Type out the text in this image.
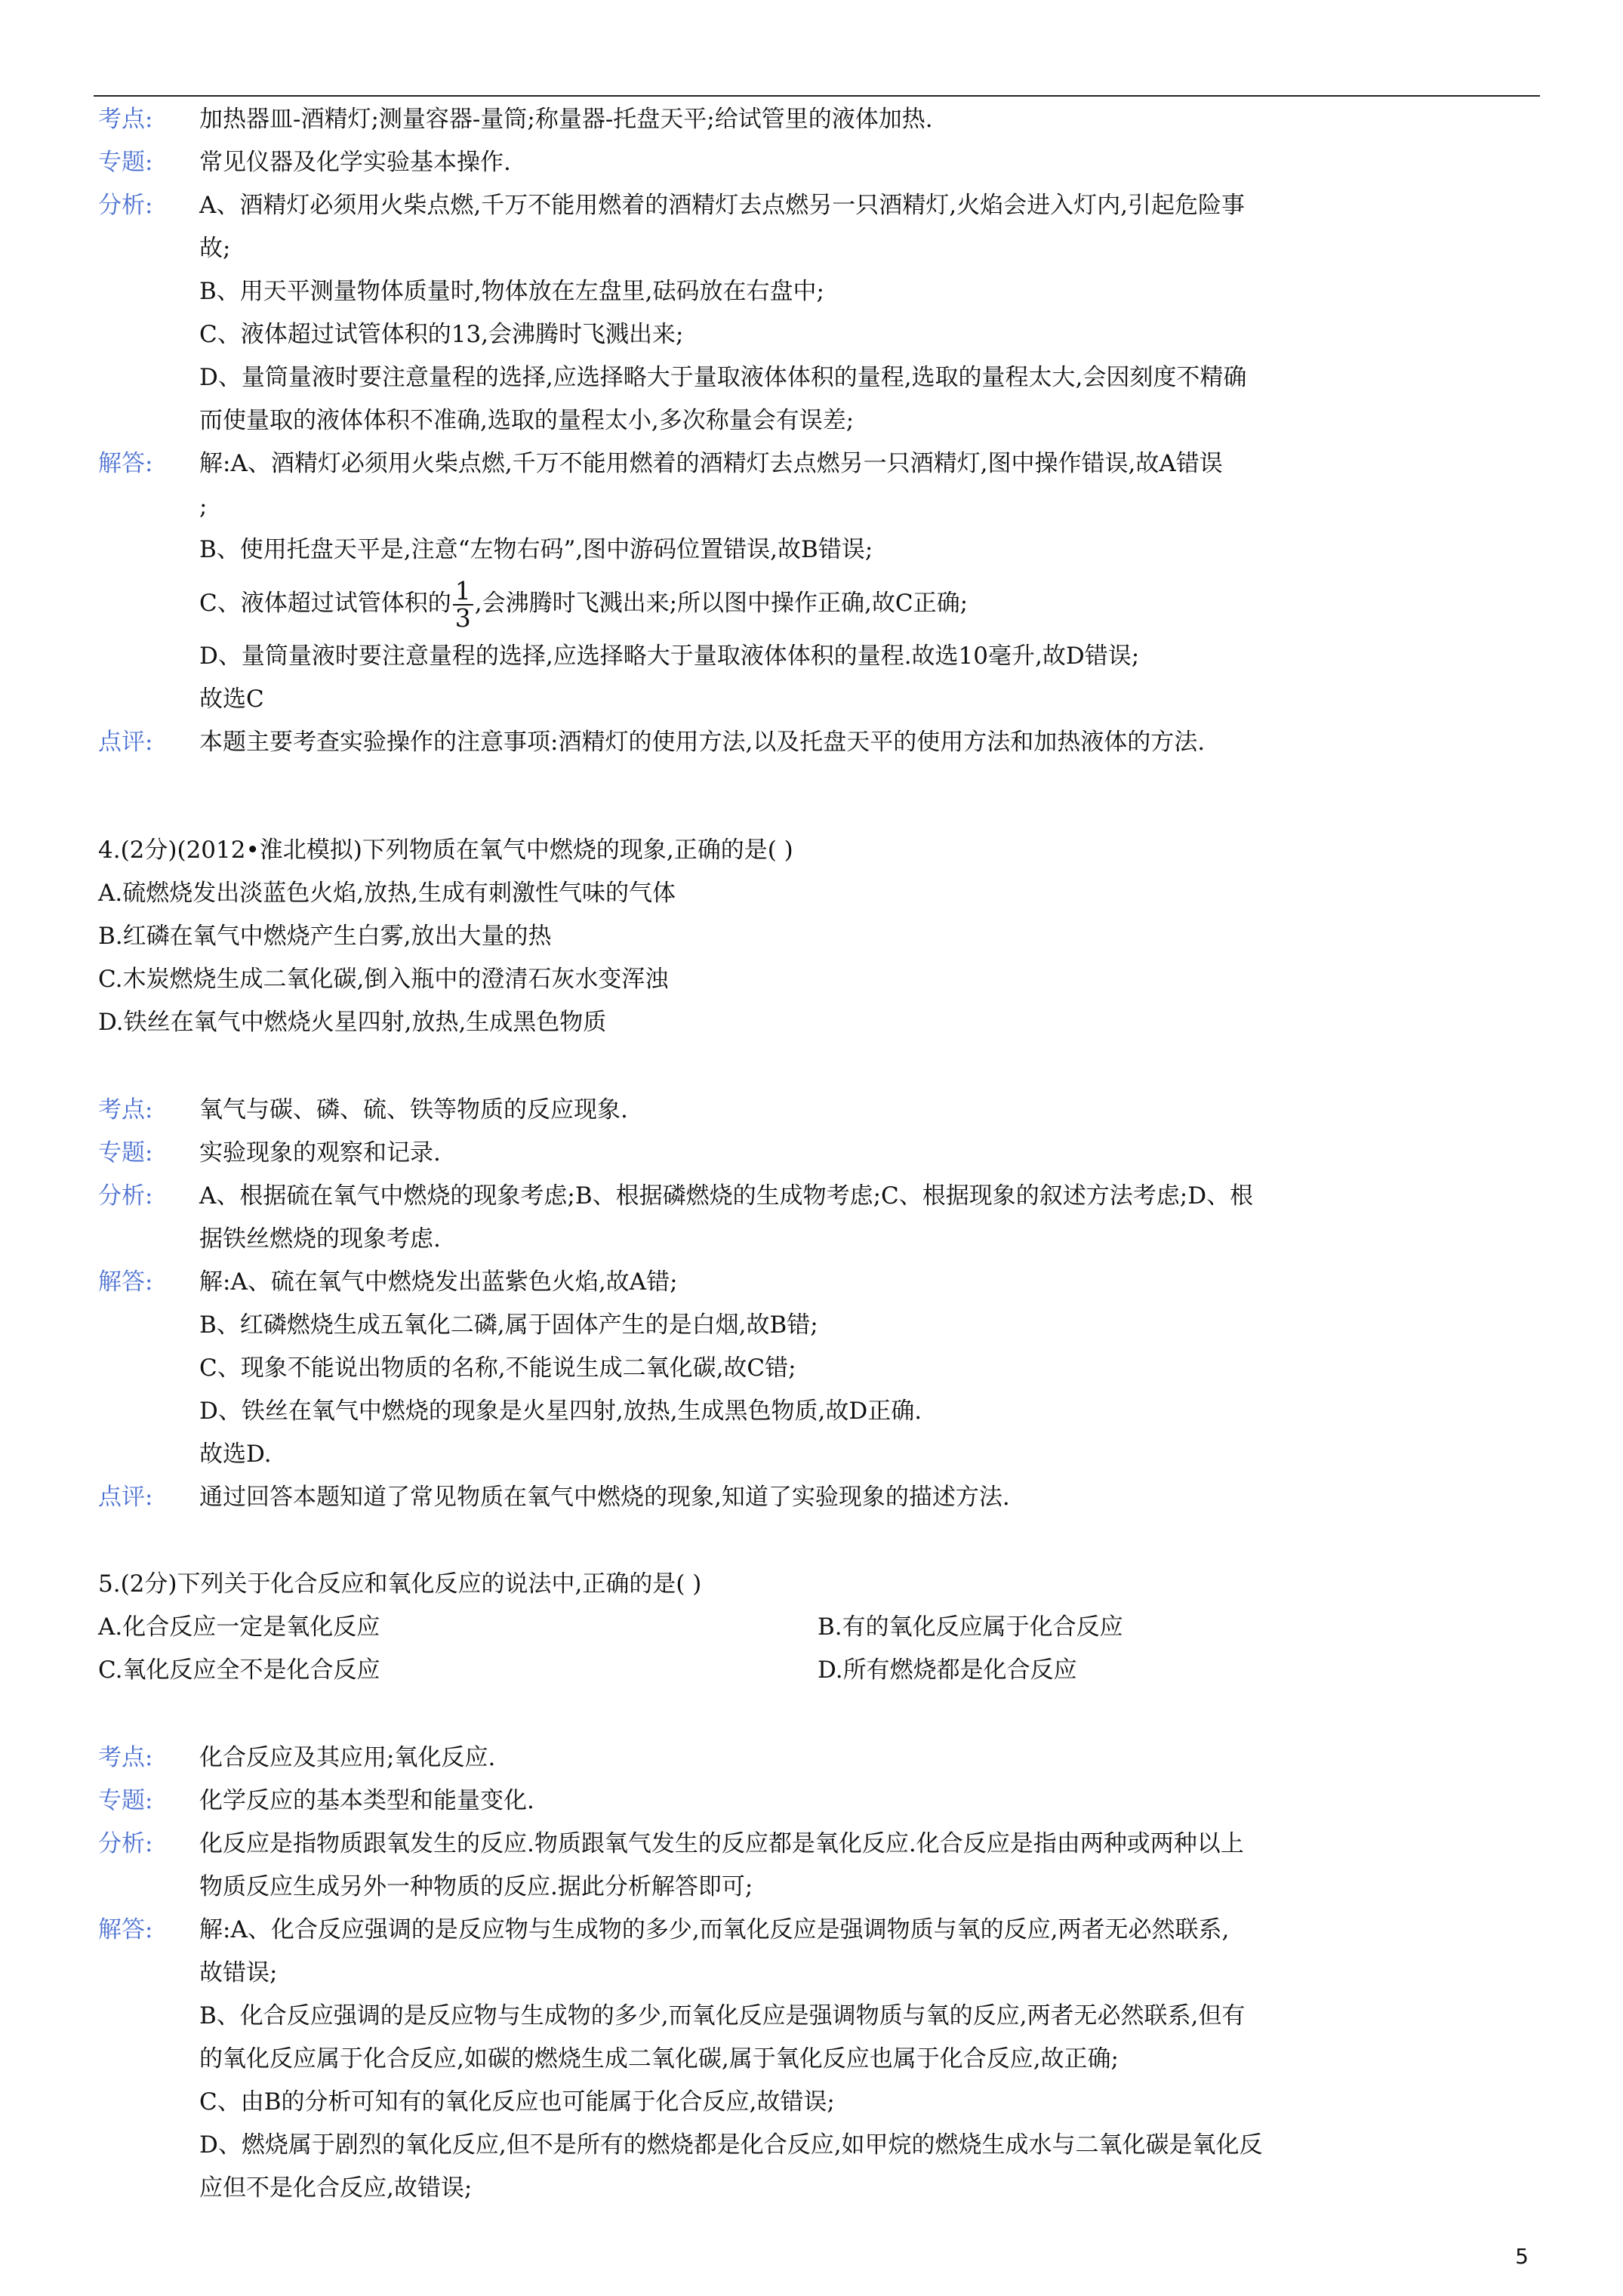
考点:	加热器皿-酒精灯;测量容器-量筒;称量器-托盘天平;给试管里的液体加热.
专题:	常见仪器及化学实验基本操作.
分析:	A、酒精灯必须用火柴点燃,千万不能用燃着的酒精灯去点燃另一只酒精灯,火焰会进入灯内,引起危险事
故;
B、用天平测量物体质量时,物体放在左盘里,砝码放在右盘中;
C、液体超过试管体积的13,会沸腾时飞溅出来;
D、量筒量液时要注意量程的选择,应选择略大于量取液体体积的量程,选取的量程太大,会因刻度不精确
而使量取的液体体积不准确,选取的量程太小,多次称量会有误差;
解答:	解:A、酒精灯必须用火柴点燃,千万不能用燃着的酒精灯去点燃另一只酒精灯,图中操作错误,故A错误
;
B、使用托盘天平是,注意“左物右码”,图中游码位置错误,故B错误;
C、液体超过试管体积的 $\frac{1}{3}$ ,会沸腾时飞溅出来;所以图中操作正确,故C正确;
D、量筒量液时要注意量程的选择,应选择略大于量取液体体积的量程.故选10毫升,故D错误;
故选C
点评:	本题主要考查实验操作的注意事项:酒精灯的使用方法,以及托盘天平的使用方法和加热液体的方法.
4.(2分)(2012•淮北模拟)下列物质在氧气中燃烧的现象,正确的是( )
A.硫燃烧发出淡蓝色火焰,放热,生成有刺激性气味的气体
B.红磷在氧气中燃烧产生白雾,放出大量的热
C.木炭燃烧生成二氧化碳,倒入瓶中的澄清石灰水变浑浊
D.铁丝在氧气中燃烧火星四射,放热,生成黑色物质
考点:	氧气与碳、磷、硫、铁等物质的反应现象.
专题:	实验现象的观察和记录.
分析:	A、根据硫在氧气中燃烧的现象考虑;B、根据磷燃烧的生成物考虑;C、根据现象的叙述方法考虑;D、根
据铁丝燃烧的现象考虑.
解答:	解:A、硫在氧气中燃烧发出蓝紫色火焰,故A错;
B、红磷燃烧生成五氧化二磷,属于固体产生的是白烟,故B错;
C、现象不能说出物质的名称,不能说生成二氧化碳,故C错;
D、铁丝在氧气中燃烧的现象是火星四射,放热,生成黑色物质,故D正确.
故选D.
点评:	通过回答本题知道了常见物质在氧气中燃烧的现象,知道了实验现象的描述方法.
5.(2分)下列关于化合反应和氧化反应的说法中,正确的是( )
A.化合反应一定是氧化反应	B.有的氧化反应属于化合反应
C.氧化反应全不是化合反应	D.所有燃烧都是化合反应
考点:	化合反应及其应用;氧化反应.
专题:	化学反应的基本类型和能量变化.
分析:	化反应是指物质跟氧发生的反应.物质跟氧气发生的反应都是氧化反应.化合反应是指由两种或两种以上
物质反应生成另外一种物质的反应.据此分析解答即可;
解答:	解:A、化合反应强调的是反应物与生成物的多少,而氧化反应是强调物质与氧的反应,两者无必然联系,
故错误;
B、化合反应强调的是反应物与生成物的多少,而氧化反应是强调物质与氧的反应,两者无必然联系,但有
的氧化反应属于化合反应,如碳的燃烧生成二氧化碳,属于氧化反应也属于化合反应,故正确;
C、由B的分析可知有的氧化反应也可能属于化合反应,故错误;
D、燃烧属于剧烈的氧化反应,但不是所有的燃烧都是化合反应,如甲烷的燃烧生成水与二氧化碳是氧化反
应但不是化合反应,故错误;
5
